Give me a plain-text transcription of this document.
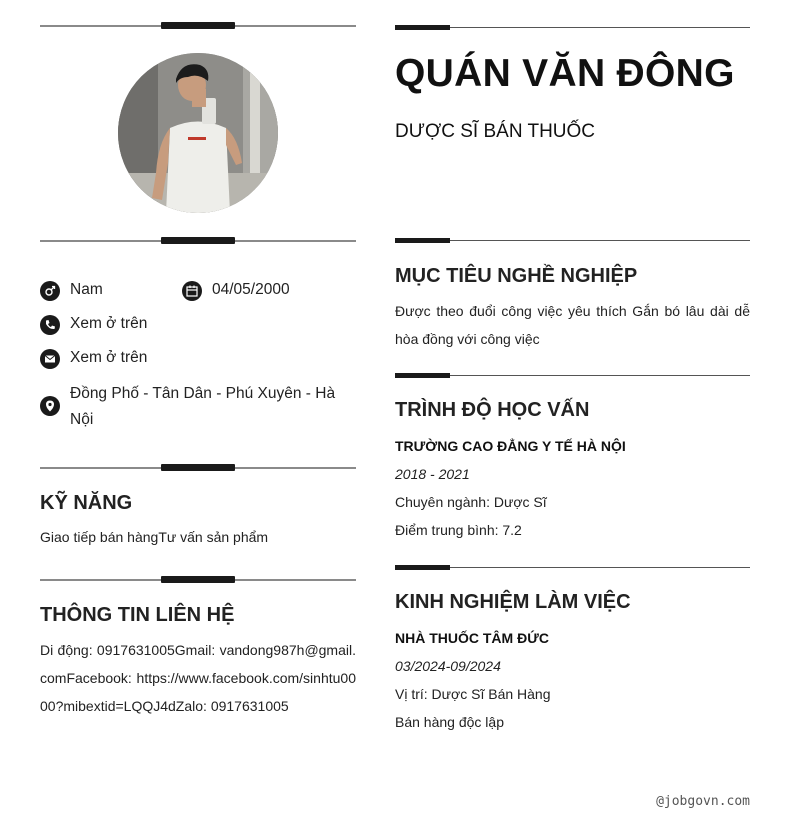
Nam	04/05/2000
Xem ở trên
Xem ở trên
Đồng Phố - Tân Dân - Phú Xuyên - Hà Nội
KỸ NĂNG
Giao tiếp bán hàngTư vấn sản phẩm
THÔNG TIN LIÊN HỆ
Di động: 0917631005Gmail: vandong987h@gmail.comFacebook: https://www.facebook.com/sinhtu0000?mibextid=LQQJ4dZalo: 0917631005
QUÁN VĂN ĐÔNG
DƯỢC SĨ BÁN THUỐC
MỤC TIÊU NGHỀ NGHIỆP
Được theo đuổi công việc yêu thích Gắn bó lâu dài dễ hòa đồng với công việc
TRÌNH ĐỘ HỌC VẤN
TRƯỜNG CAO ĐẲNG Y TẾ HÀ NỘI
2018 - 2021
Chuyên ngành: Dược Sĩ
Điểm trung bình: 7.2
KINH NGHIỆM LÀM VIỆC
NHÀ THUỐC TÂM ĐỨC
03/2024-09/2024
Vị trí: Dược Sĩ Bán Hàng
Bán hàng độc lập
@jobgovn.com
